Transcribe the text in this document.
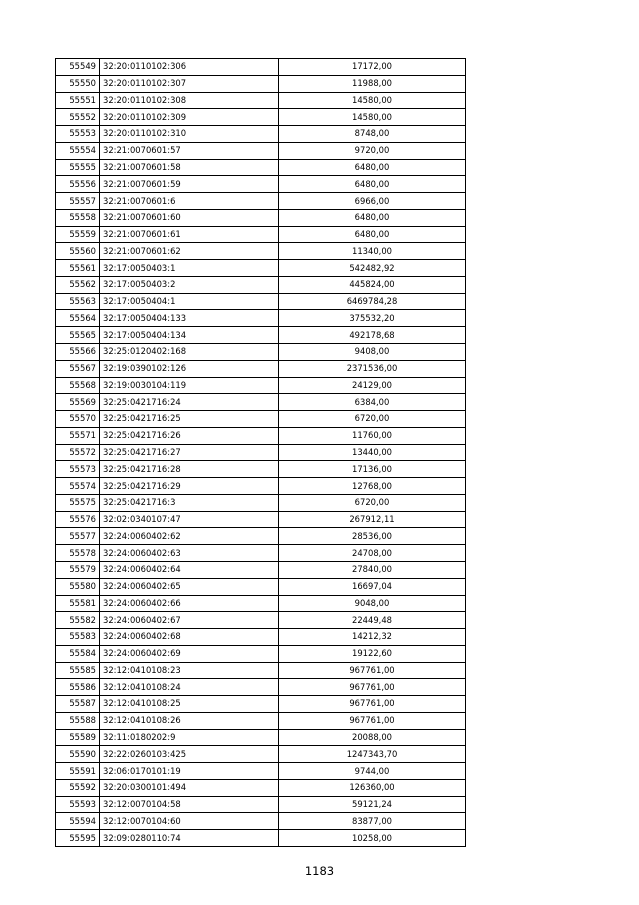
55549	32:20:0110102:306	17172,00
55550	32:20:0110102:307	11988,00
55551	32:20:0110102:308	14580,00
55552	32:20:0110102:309	14580,00
55553	32:20:0110102:310	8748,00
55554	32:21:0070601:57	9720,00
55555	32:21:0070601:58	6480,00
55556	32:21:0070601:59	6480,00
55557	32:21:0070601:6	6966,00
55558	32:21:0070601:60	6480,00
55559	32:21:0070601:61	6480,00
55560	32:21:0070601:62	11340,00
55561	32:17:0050403:1	542482,92
55562	32:17:0050403:2	445824,00
55563	32:17:0050404:1	6469784,28
55564	32:17:0050404:133	375532,20
55565	32:17:0050404:134	492178,68
55566	32:25:0120402:168	9408,00
55567	32:19:0390102:126	2371536,00
55568	32:19:0030104:119	24129,00
55569	32:25:0421716:24	6384,00
55570	32:25:0421716:25	6720,00
55571	32:25:0421716:26	11760,00
55572	32:25:0421716:27	13440,00
55573	32:25:0421716:28	17136,00
55574	32:25:0421716:29	12768,00
55575	32:25:0421716:3	6720,00
55576	32:02:0340107:47	267912,11
55577	32:24:0060402:62	28536,00
55578	32:24:0060402:63	24708,00
55579	32:24:0060402:64	27840,00
55580	32:24:0060402:65	16697,04
55581	32:24:0060402:66	9048,00
55582	32:24:0060402:67	22449,48
55583	32:24:0060402:68	14212,32
55584	32:24:0060402:69	19122,60
55585	32:12:0410108:23	967761,00
55586	32:12:0410108:24	967761,00
55587	32:12:0410108:25	967761,00
55588	32:12:0410108:26	967761,00
55589	32:11:0180202:9	20088,00
55590	32:22:0260103:425	1247343,70
55591	32:06:0170101:19	9744,00
55592	32:20:0300101:494	126360,00
55593	32:12:0070104:58	59121,24
55594	32:12:0070104:60	83877,00
55595	32:09:0280110:74	10258,00
1183
